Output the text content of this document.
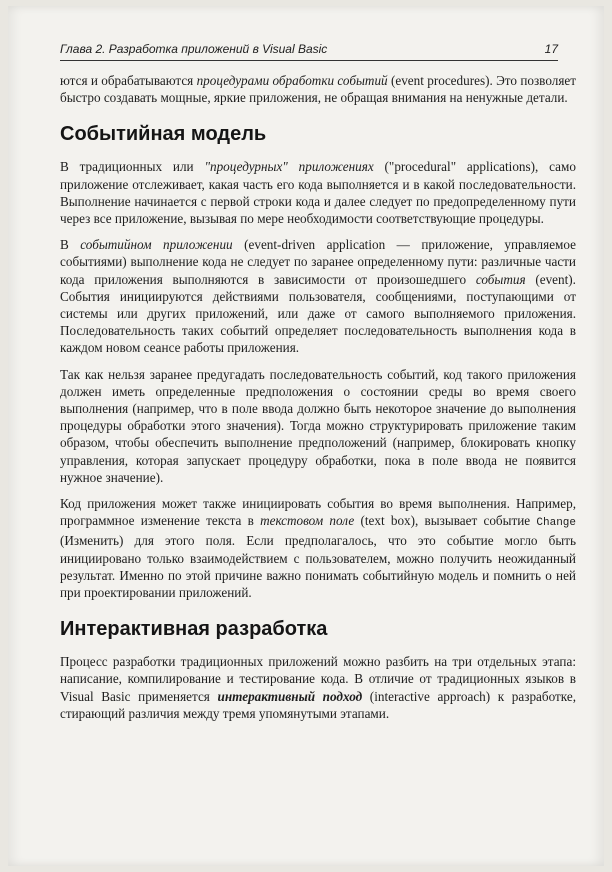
Глава 2. Разработка приложений в Visual Basic	17

ются и обрабатываются процедурами обработки событий (event procedures). Это позволяет быстро создавать мощные, яркие приложения, не обращая внимания на ненужные детали.

Событийная модель

В традиционных или "процедурных" приложениях ("procedural" applications), само приложение отслеживает, какая часть его кода выполняется и в какой последовательности. Выполнение начинается с первой строки кода и далее следует по предопределенному пути через все приложение, вызывая по мере необходимости соответствующие процедуры.

В событийном приложении (event-driven application — приложение, управляемое событиями) выполнение кода не следует по заранее определенному пути: различные части кода приложения выполняются в зависимости от произошедшего события (event). События инициируются действиями пользователя, сообщениями, поступающими от системы или других приложений, или даже от самого выполняемого приложения. Последовательность таких событий определяет последовательность выполнения кода в каждом новом сеансе работы приложения.

Так как нельзя заранее предугадать последовательность событий, код такого приложения должен иметь определенные предположения о состоянии среды во время своего выполнения (например, что в поле ввода должно быть некоторое значение до выполнения процедуры обработки этого значения). Тогда можно структурировать приложение таким образом, чтобы обеспечить выполнение предположений (например, блокировать кнопку управления, которая запускает процедуру обработки, пока в поле ввода не появится нужное значение).

Код приложения может также инициировать события во время выполнения. Например, программное изменение текста в текстовом поле (text box), вызывает событие Change (Изменить) для этого поля. Если предполагалось, что это событие могло быть инициировано только взаимодействием с пользователем, можно получить неожиданный результат. Именно по этой причине важно понимать событийную модель и помнить о ней при проектировании приложений.

Интерактивная разработка

Процесс разработки традиционных приложений можно разбить на три отдельных этапа: написание, компилирование и тестирование кода. В отличие от традиционных языков в Visual Basic применяется интерактивный подход (interactive approach) к разработке, стирающий различия между тремя упомянутыми этапами.
